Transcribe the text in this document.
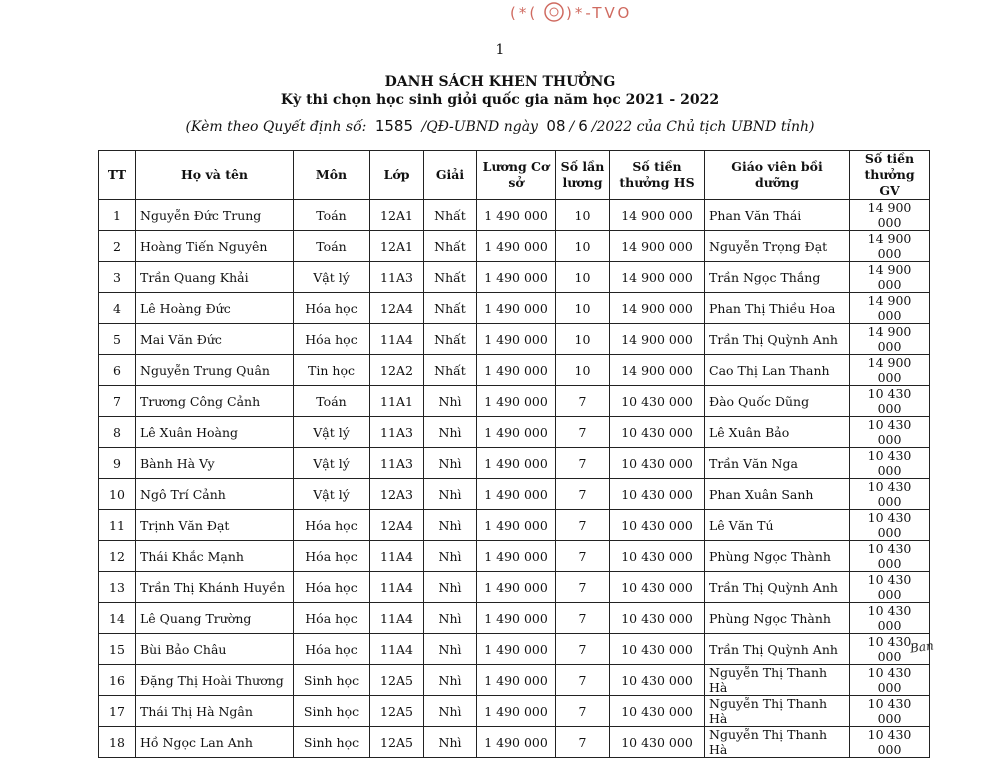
(*( )*-TVO
1
DANH SÁCH KHEN THƯỞNG
Kỳ thi chọn học sinh giỏi quốc gia năm học 2021 - 2022
(Kèm theo Quyết định số: 1585 /QĐ-UBND ngày 08 / 6 /2022 của Chủ tịch UBND tỉnh)
TT	Họ và tên	Môn	Lớp	Giải	Lương Cơ sở	Số lần lương	Số tiền thưởng HS	Giáo viên bồi dưỡng	Số tiền thưởng GV
1	Nguyễn Đức Trung	Toán	12A1	Nhất	1 490 000	10	14 900 000	Phan Văn Thái	14 900 000
2	Hoàng Tiến Nguyên	Toán	12A1	Nhất	1 490 000	10	14 900 000	Nguyễn Trọng Đạt	14 900 000
3	Trần Quang Khải	Vật lý	11A3	Nhất	1 490 000	10	14 900 000	Trần Ngọc Thắng	14 900 000
4	Lê Hoàng Đức	Hóa học	12A4	Nhất	1 490 000	10	14 900 000	Phan Thị Thiều Hoa	14 900 000
5	Mai Văn Đức	Hóa học	11A4	Nhất	1 490 000	10	14 900 000	Trần Thị Quỳnh Anh	14 900 000
6	Nguyễn Trung Quân	Tin học	12A2	Nhất	1 490 000	10	14 900 000	Cao Thị Lan Thanh	14 900 000
7	Trương Công Cảnh	Toán	11A1	Nhì	1 490 000	7	10 430 000	Đào Quốc Dũng	10 430 000
8	Lê Xuân Hoàng	Vật lý	11A3	Nhì	1 490 000	7	10 430 000	Lê Xuân Bảo	10 430 000
9	Bành Hà Vy	Vật lý	11A3	Nhì	1 490 000	7	10 430 000	Trần Văn Nga	10 430 000
10	Ngô Trí Cảnh	Vật lý	12A3	Nhì	1 490 000	7	10 430 000	Phan Xuân Sanh	10 430 000
11	Trịnh Văn Đạt	Hóa học	12A4	Nhì	1 490 000	7	10 430 000	Lê Văn Tú	10 430 000
12	Thái Khắc Mạnh	Hóa học	11A4	Nhì	1 490 000	7	10 430 000	Phùng Ngọc Thành	10 430 000
13	Trần Thị Khánh Huyền	Hóa học	11A4	Nhì	1 490 000	7	10 430 000	Trần Thị Quỳnh Anh	10 430 000
14	Lê Quang Trường	Hóa học	11A4	Nhì	1 490 000	7	10 430 000	Phùng Ngọc Thành	10 430 000
15	Bùi Bảo Châu	Hóa học	11A4	Nhì	1 490 000	7	10 430 000	Trần Thị Quỳnh Anh	10 430 000
16	Đặng Thị Hoài Thương	Sinh học	12A5	Nhì	1 490 000	7	10 430 000	Nguyễn Thị Thanh Hà	10 430 000
17	Thái Thị Hà Ngân	Sinh học	12A5	Nhì	1 490 000	7	10 430 000	Nguyễn Thị Thanh Hà	10 430 000
18	Hồ Ngọc Lan Anh	Sinh học	12A5	Nhì	1 490 000	7	10 430 000	Nguyễn Thị Thanh Hà	10 430 000
Ban
